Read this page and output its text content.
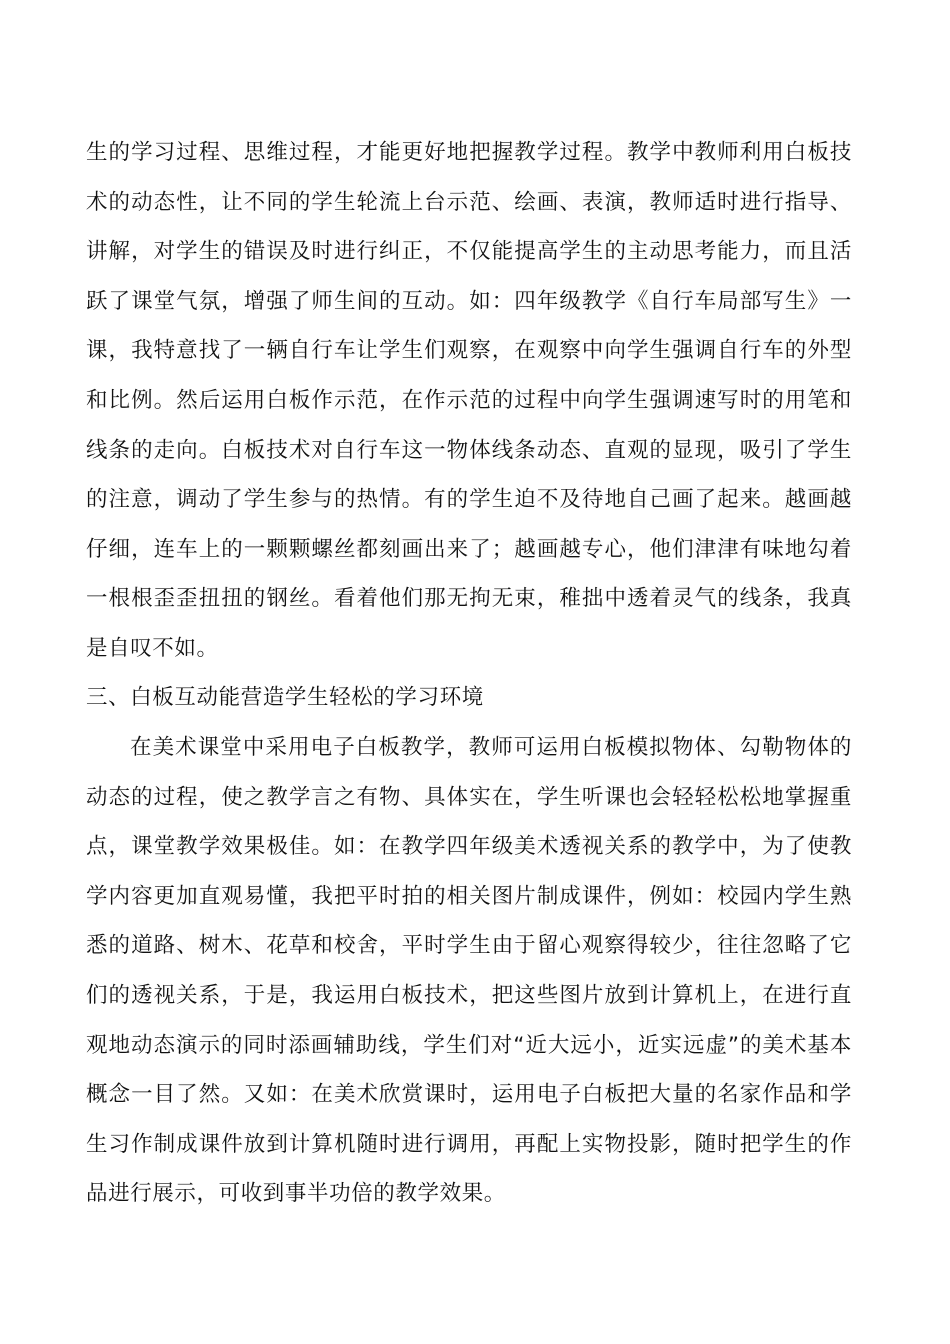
生的学习过程、思维过程，才能更好地把握教学过程。教学中教师利用白板技术的动态性，让不同的学生轮流上台示范、绘画、表演，教师适时进行指导、讲解，对学生的错误及时进行纠正，不仅能提高学生的主动思考能力，而且活跃了课堂气氛，增强了师生间的互动。如：四年级教学《自行车局部写生》一课，我特意找了一辆自行车让学生们观察，在观察中向学生强调自行车的外型和比例。然后运用白板作示范，在作示范的过程中向学生强调速写时的用笔和线条的走向。白板技术对自行车这一物体线条动态、直观的显现，吸引了学生的注意，调动了学生参与的热情。有的学生迫不及待地自己画了起来。越画越仔细，连车上的一颗颗螺丝都刻画出来了；越画越专心，他们津津有味地勾着一根根歪歪扭扭的钢丝。看着他们那无拘无束，稚拙中透着灵气的线条，我真是自叹不如。
三、白板互动能营造学生轻松的学习环境
在美术课堂中采用电子白板教学，教师可运用白板模拟物体、勾勒物体的动态的过程，使之教学言之有物、具体实在，学生听课也会轻轻松松地掌握重点，课堂教学效果极佳。如：在教学四年级美术透视关系的教学中，为了使教学内容更加直观易懂，我把平时拍的相关图片制成课件，例如：校园内学生熟悉的道路、树木、花草和校舍，平时学生由于留心观察得较少，往往忽略了它们的透视关系，于是，我运用白板技术，把这些图片放到计算机上，在进行直观地动态演示的同时添画辅助线，学生们对“近大远小，近实远虚”的美术基本概念一目了然。又如：在美术欣赏课时，运用电子白板把大量的名家作品和学生习作制成课件放到计算机随时进行调用，再配上实物投影，随时把学生的作品进行展示，可收到事半功倍的教学效果。
